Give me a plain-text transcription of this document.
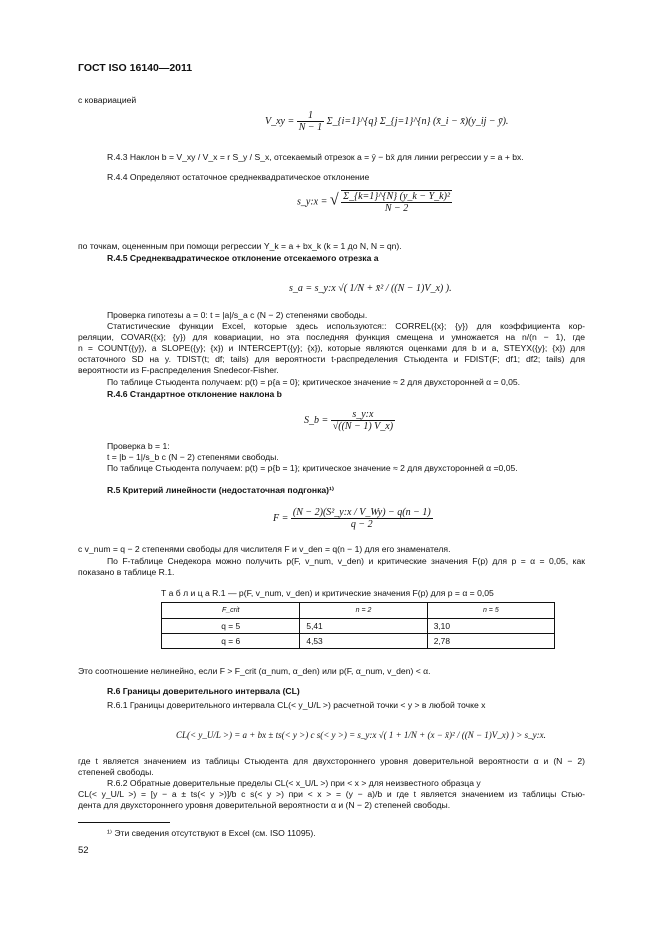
ГОСТ ISO 16140—2011
с ковариацией
V_xy = $\frac{1}{N - 1}$ Σ_{i=1}^{q} Σ_{j=1}^{n} (x̄_i − x̄)(y_ij − ȳ).
R.4.3 Наклон b = V_xy / V_x = r S_y / S_x, отсекаемый отрезок a = ȳ − bx̄ для линии регрессии y = a + bx.
R.4.4 Определяют остаточное среднеквадратическое отклонение
s_y:x = √ $\frac{\text{Σ\_\{k=1\}\textasciicircum{}\{N\} (y\_k − Y\_k)²}}{N - 2}$
по точкам, оцененным при помощи регрессии Y_k = a + bx_k (k = 1 до N, N = qn).
R.4.5 Среднеквадратическое отклонение отсекаемого отрезка a
s_a = s_y:x √( 1/N + x̄² / ((N − 1)V_x) ).
Проверка гипотезы a = 0: t = |a|/s_a с (N − 2) степенями свободы.
Статистические функции Excel, которые здесь используются:: CORREL({x}; {y}) для коэффициента кор-
реляции, COVAR({x}; {y}) для ковариации, но эта последняя функция смещена и умножается на n/(n − 1), где
n = COUNT({y}), а SLOPE({y}; {x}) и INTERCEPT({y}; {x}), которые являются оценками для b и a, STEYX({y}; {x}) для
остаточного SD на y. TDIST(t; df; tails) для вероятности t-распределения Стьюдента и FDIST(F; df1; df2; tails) для
вероятности из F-распределения Snedecor-Fisher.
По таблице Стьюдента получаем: p(t) = p{a = 0}; критическое значение ≈ 2 для двухсторонней α = 0,05.
R.4.6 Стандартное отклонение наклона b
S_b = $\frac{s\_y:x}{√((N - 1) V\_x)}$
Проверка b = 1:
t = |b − 1|/s_b с (N − 2) степенями свободы.
По таблице Стьюдента получаем: p(t) = p{b = 1}; критическое значение ≈ 2 для двухсторонней α =0,05.
R.5 Критерий линейности (недостаточная подгонка)¹⁾
$F = \frac{\text{(N − 2)(S²\_y:x / V\_Wy) − q(n − 1)}}{q - 2}$
с v_num = q − 2 степенями свободы для числителя F и v_den = q(n − 1) для его знаменателя.
По F-таблице Снедекора можно получить p(F, v_num, v_den) и критические значения F(p) для p = α = 0,05, как
показано в таблице R.1.
Т а б л и ц а R.1 — p(F, v_num, v_den) и критические значения F(p) для p = α = 0,05
F_crit	n = 2	n = 5
q = 5	5,41	3,10
q = 6	4,53	2,78
Это соотношение нелинейно, если F > F_crit (α_num, α_den) или p(F, α_num, v_den) < α.
R.6 Границы доверительного интервала (CL)
R.6.1 Границы доверительного интервала CL(< y_U/L >) расчетной точки < y > в любой точке x
CL(< y_U/L >) = a + bx ± ts(< y >) с s(< y >) = s_y:x √( 1 + 1/N + (x − x̄)² / ((N − 1)V_x) ) > s_y:x.
где t является значением из таблицы Стьюдента для двухстороннего уровня доверительной вероятности α и (N − 2)
степеней свободы.
R.6.2 Обратные доверительные пределы CL(< x_U/L >) при < x > для неизвестного образца y
CL(< y_U/L >) = [y − a ± ts(< y >)]/b с s(< y >) при < x > = (y − a)/b и где t является значением из таблицы Стью-
дента для двухстороннего уровня доверительной вероятности α и (N − 2) степеней свободы.
¹⁾ Эти сведения отсутствуют в Excel (см. ISO 11095).
52
